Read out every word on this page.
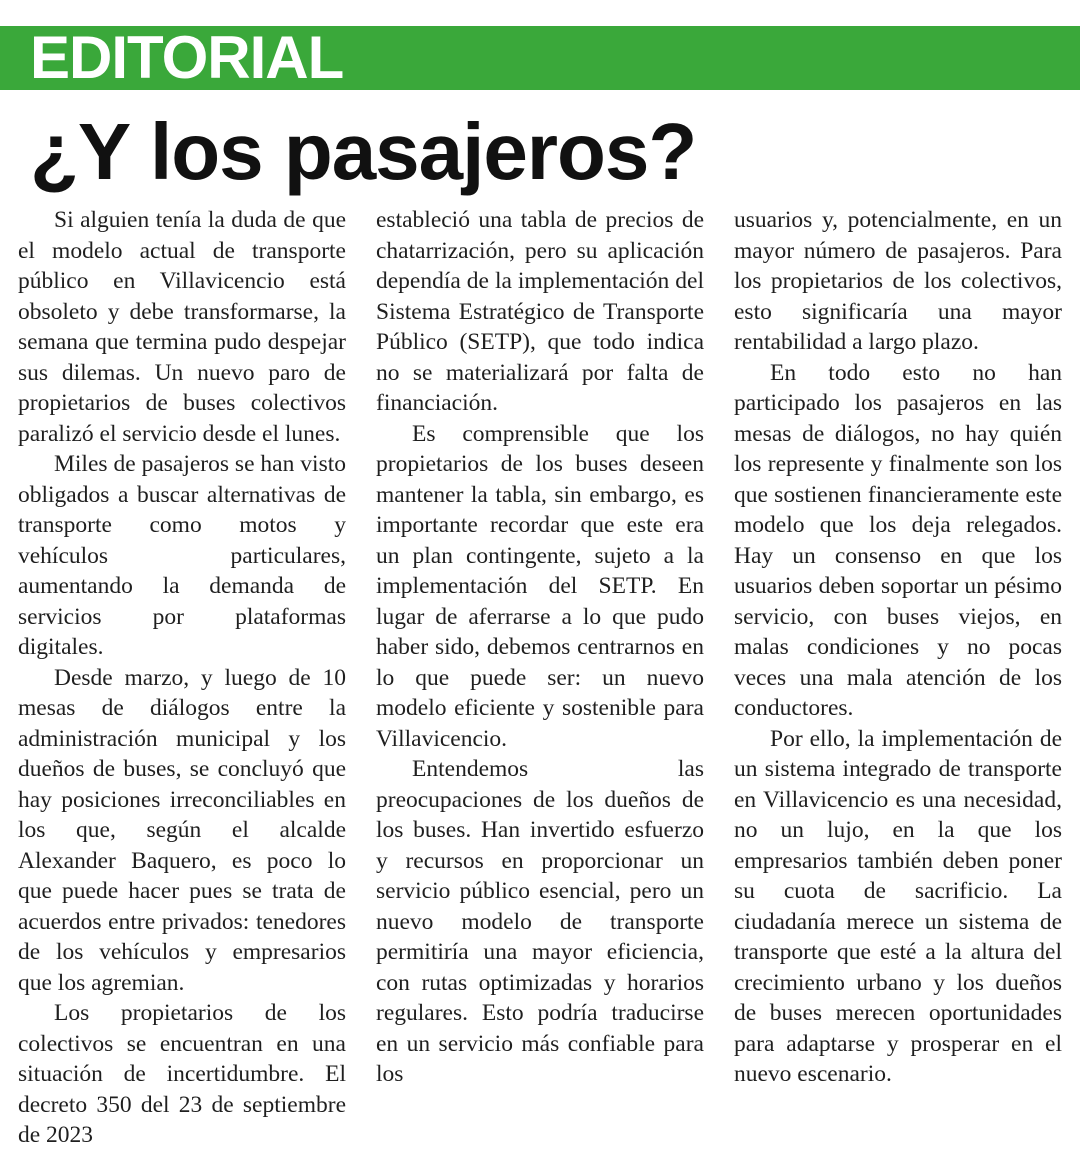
EDITORIAL
¿Y los pasajeros?

Si alguien tenía la duda de que el modelo actual de transporte público en Villavicencio está obsoleto y debe transformarse, la semana que termina pudo despejar sus dilemas. Un nuevo paro de propietarios de buses colectivos paralizó el servicio desde el lunes.

Miles de pasajeros se han visto obligados a buscar alternativas de transporte como motos y vehículos particulares, aumentando la demanda de servicios por plataformas digitales.

Desde marzo, y luego de 10 mesas de diálogos entre la administración municipal y los dueños de buses, se concluyó que hay posiciones irreconciliables en los que, según el alcalde Alexander Baquero, es poco lo que puede hacer pues se trata de acuerdos entre privados: tenedores de los vehículos y empresarios que los agremian.

Los propietarios de los colectivos se encuentran en una situación de incertidumbre. El decreto 350 del 23 de septiembre de 2023

estableció una tabla de precios de chatarrización, pero su aplicación dependía de la implementación del Sistema Estratégico de Transporte Público (SETP), que todo indica no se materializará por falta de financiación.

Es comprensible que los propietarios de los buses deseen mantener la tabla, sin embargo, es importante recordar que este era un plan contingente, sujeto a la implementación del SETP. En lugar de aferrarse a lo que pudo haber sido, debemos centrarnos en lo que puede ser: un nuevo modelo eficiente y sostenible para Villavicencio.

Entendemos las preocupaciones de los dueños de los buses. Han invertido esfuerzo y recursos en proporcionar un servicio público esencial, pero un nuevo modelo de transporte permitiría una mayor eficiencia, con rutas optimizadas y horarios regulares. Esto podría traducirse en un servicio más confiable para los

usuarios y, potencialmente, en un mayor número de pasajeros. Para los propietarios de los colectivos, esto significaría una mayor rentabilidad a largo plazo.

En todo esto no han participado los pasajeros en las mesas de diálogos, no hay quién los represente y finalmente son los que sostienen financieramente este modelo que los deja relegados. Hay un consenso en que los usuarios deben soportar un pésimo servicio, con buses viejos, en malas condiciones y no pocas veces una mala atención de los conductores.

Por ello, la implementación de un sistema integrado de transporte en Villavicencio es una necesidad, no un lujo, en la que los empresarios también deben poner su cuota de sacrificio. La ciudadanía merece un sistema de transporte que esté a la altura del crecimiento urbano y los dueños de buses merecen oportunidades para adaptarse y prosperar en el nuevo escenario.
